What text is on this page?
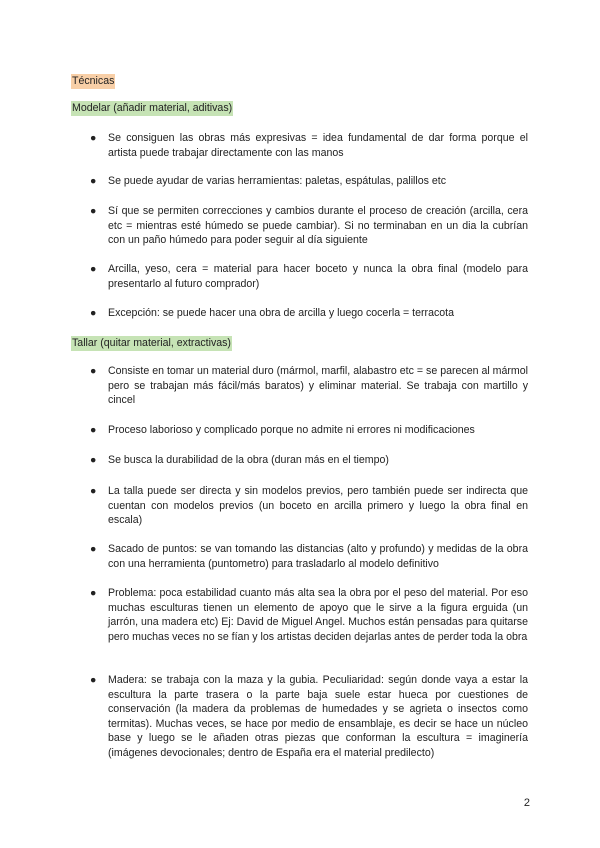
Técnicas
Modelar (añadir material, aditivas)
● Se consiguen las obras más expresivas = idea fundamental de dar forma porque el artista puede trabajar directamente con las manos
● Se puede ayudar de varias herramientas: paletas, espátulas, palillos etc
● Sí que se permiten correcciones y cambios durante el proceso de creación (arcilla, cera etc = mientras esté húmedo se puede cambiar). Si no terminaban en un dia la cubrían con un paño húmedo para poder seguir al día siguiente
● Arcilla, yeso, cera = material para hacer boceto y nunca la obra final (modelo para presentarlo al futuro comprador)
● Excepción: se puede hacer una obra de arcilla y luego cocerla = terracota
Tallar (quitar material, extractivas)
● Consiste en tomar un material duro (mármol, marfil, alabastro etc = se parecen al mármol pero se trabajan más fácil/más baratos) y eliminar material. Se trabaja con martillo y cincel
● Proceso laborioso y complicado porque no admite ni errores ni modificaciones
● Se busca la durabilidad de la obra (duran más en el tiempo)
● La talla puede ser directa y sin modelos previos, pero también puede ser indirecta que cuentan con modelos previos (un boceto en arcilla primero y luego la obra final en escala)
● Sacado de puntos: se van tomando las distancias (alto y profundo) y medidas de la obra con una herramienta (puntometro) para trasladarlo al modelo definitivo
● Problema: poca estabilidad cuanto más alta sea la obra por el peso del material. Por eso muchas esculturas tienen un elemento de apoyo que le sirve a la figura erguida (un jarrón, una madera etc) Ej: David de Miguel Angel. Muchos están pensadas para quitarse pero muchas veces no se fían y los artistas deciden dejarlas antes de perder toda la obra
● Madera: se trabaja con la maza y la gubia. Peculiaridad: según donde vaya a estar la escultura la parte trasera o la parte baja suele estar hueca por cuestiones de conservación (la madera da problemas de humedades y se agrieta o insectos como termitas). Muchas veces, se hace por medio de ensamblaje, es decir se hace un núcleo base y luego se le añaden otras piezas que conforman la escultura = imaginería (imágenes devocionales; dentro de España era el material predilecto)
2
